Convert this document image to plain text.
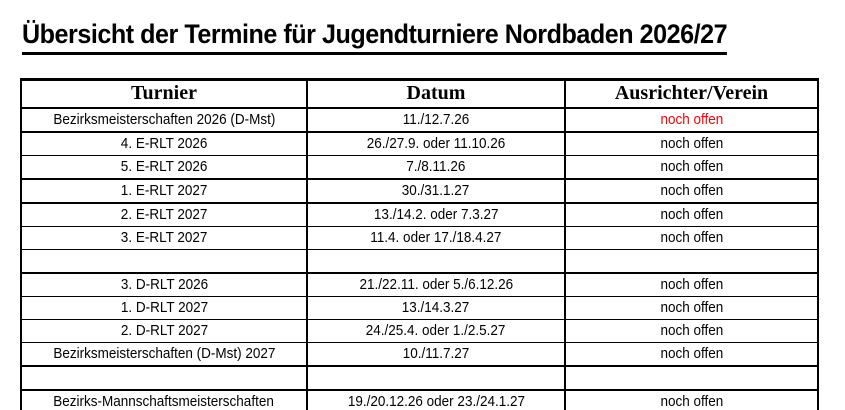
Übersicht der Termine für Jugendturniere Nordbaden 2026/27
Turnier	Datum	Ausrichter/Verein
Bezirksmeisterschaften 2026 (D-Mst)	11./12.7.26	noch offen
4. E-RLT 2026	26./27.9. oder 11.10.26	noch offen
5. E-RLT 2026	7./8.11.26	noch offen
1. E-RLT 2027	30./31.1.27	noch offen
2. E-RLT 2027	13./14.2. oder 7.3.27	noch offen
3. E-RLT 2027	11.4. oder 17./18.4.27	noch offen

3. D-RLT 2026	21./22.11. oder 5./6.12.26	noch offen
1. D-RLT 2027	13./14.3.27	noch offen
2. D-RLT 2027	24./25.4. oder 1./2.5.27	noch offen
Bezirksmeisterschaften (D-Mst) 2027	10./11.7.27	noch offen

Bezirks-Mannschaftsmeisterschaften	19./20.12.26 oder 23./24.1.27	noch offen
